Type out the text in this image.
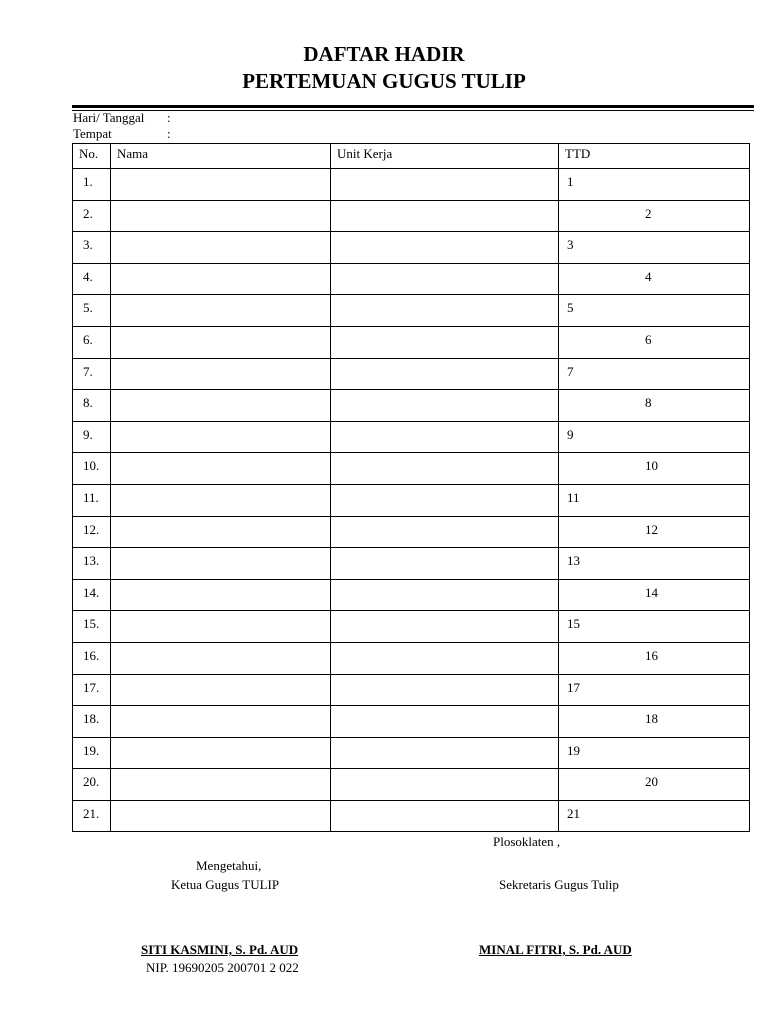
DAFTAR HADIR
PERTEMUAN GUGUS TULIP
Hari/ Tanggal :
Tempat	:
No.	Nama	Unit Kerja	TTD
1.			1

2.			2

3.			3

4.			4

5.			5

6.			6

7.			7

8.			8

9.			9

10.			10

11.			11

12.			12

13.			13

14.			14

15.			15

16.			16

17.			17

18.			18

19.			19

20.			20

21.			21
Plosoklaten ,
Mengetahui,
Ketua Gugus TULIP	Sekretaris Gugus Tulip
SITI KASMINI, S. Pd. AUD
NIP. 19690205 200701 2 022
MINAL FITRI, S. Pd. AUD
